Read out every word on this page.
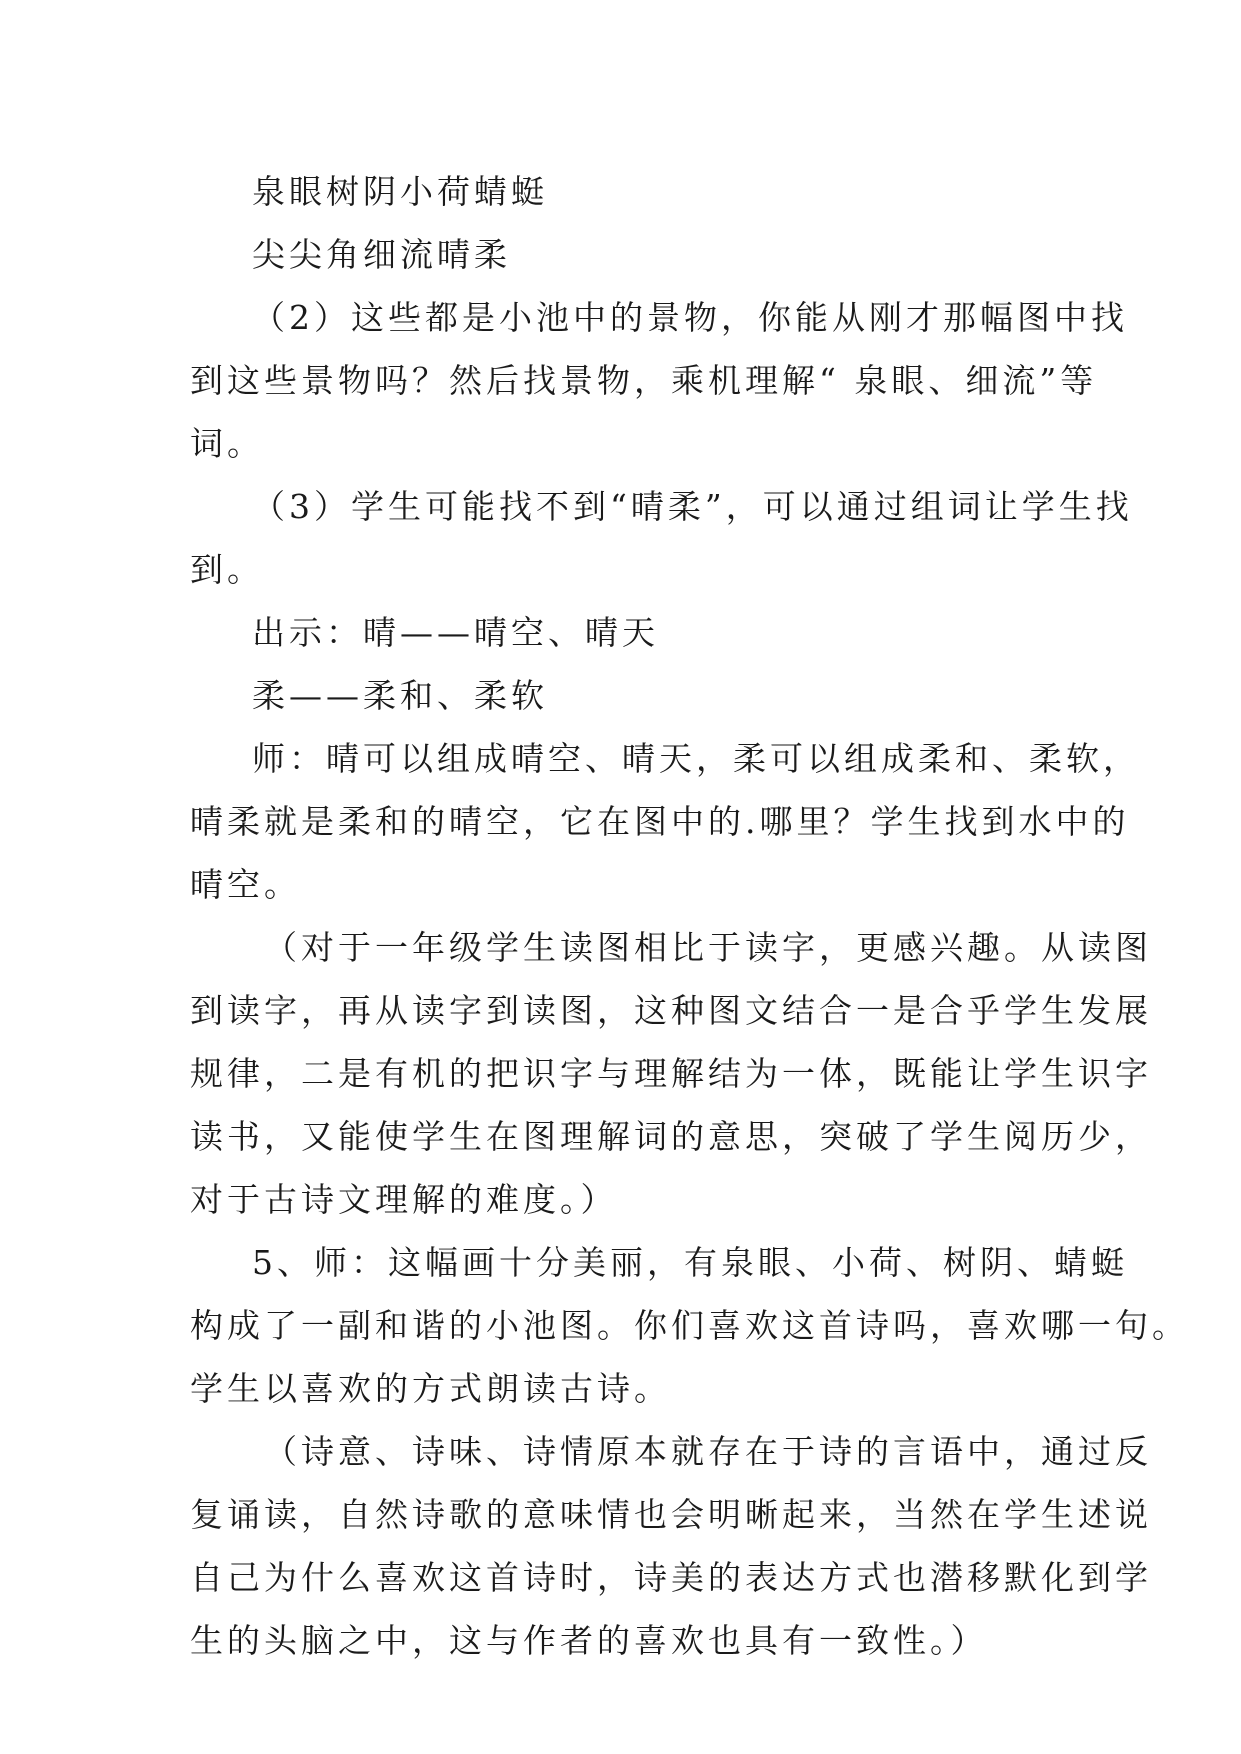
泉眼树阴小荷蜻蜓
尖尖角细流晴柔
（2）这些都是小池中的景物，你能从刚才那幅图中找
到这些景物吗？然后找景物，乘机理解“ 泉眼、细流”等
词。
（3）学生可能找不到“晴柔”，可以通过组词让学生找
到。
出示：晴——晴空、晴天
柔——柔和、柔软
师：晴可以组成晴空、晴天，柔可以组成柔和、柔软，
晴柔就是柔和的晴空，它在图中的.哪里？学生找到水中的
晴空。
（对于一年级学生读图相比于读字，更感兴趣。从读图
到读字，再从读字到读图，这种图文结合一是合乎学生发展
规律，二是有机的把识字与理解结为一体，既能让学生识字
读书，又能使学生在图理解词的意思，突破了学生阅历少，
对于古诗文理解的难度。）
5、师：这幅画十分美丽，有泉眼、小荷、树阴、蜻蜓
构成了一副和谐的小池图。你们喜欢这首诗吗，喜欢哪一句。
学生以喜欢的方式朗读古诗。
（诗意、诗味、诗情原本就存在于诗的言语中，通过反
复诵读，自然诗歌的意味情也会明晰起来，当然在学生述说
自己为什么喜欢这首诗时，诗美的表达方式也潜移默化到学
生的头脑之中，这与作者的喜欢也具有一致性。）
